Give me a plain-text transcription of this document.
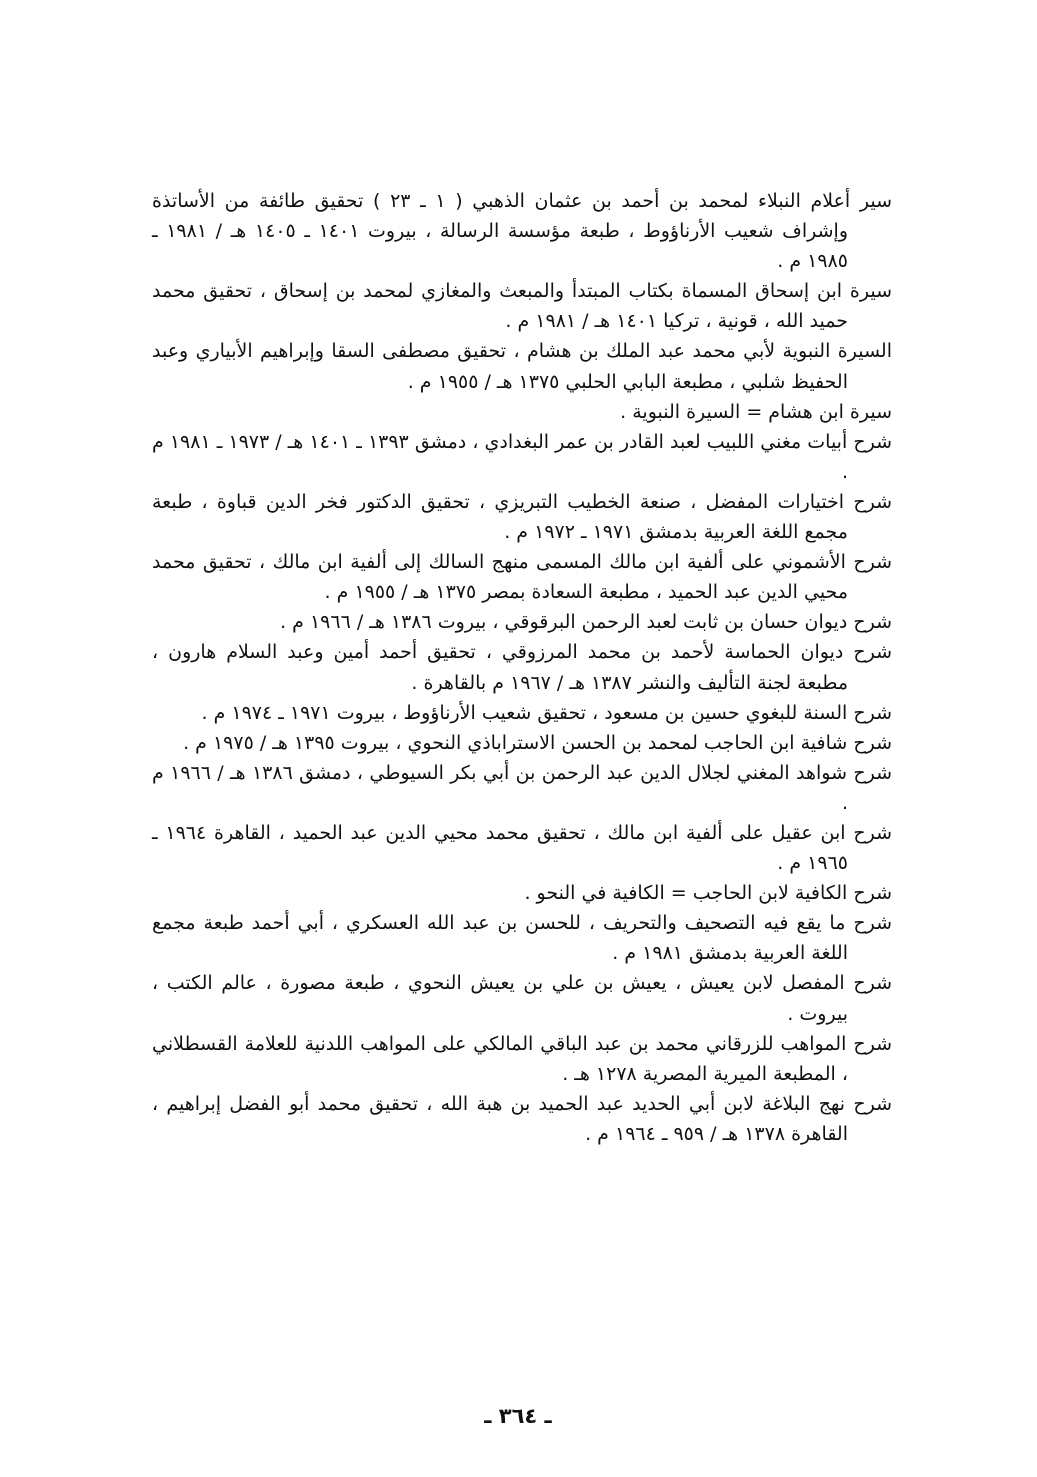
سير أعلام النبلاء لمحمد بن أحمد بن عثمان الذهبي ( ١ ـ ٢٣ ) تحقيق طائفة من الأساتذة وإشراف شعيب الأرناؤوط ، طبعة مؤسسة الرسالة ، بيروت ١٤٠١ ـ ١٤٠٥ هـ / ١٩٨١ ـ ١٩٨٥ م .
سيرة ابن إسحاق المسماة بكتاب المبتدأ والمبعث والمغازي لمحمد بن إسحاق ، تحقيق محمد حميد الله ، قونية ، تركيا ١٤٠١ هـ / ١٩٨١ م .
السيرة النبوية لأبي محمد عبد الملك بن هشام ، تحقيق مصطفى السقا وإبراهيم الأبياري وعبد الحفيظ شلبي ، مطبعة البابي الحلبي ١٣٧٥ هـ / ١٩٥٥ م .
سيرة ابن هشام = السيرة النبوية .
شرح أبيات مغني اللبيب لعبد القادر بن عمر البغدادي ، دمشق ١٣٩٣ ـ ١٤٠١ هـ / ١٩٧٣ ـ ١٩٨١ م .
شرح اختيارات المفضل ، صنعة الخطيب التبريزي ، تحقيق الدكتور فخر الدين قباوة ، طبعة مجمع اللغة العربية بدمشق ١٩٧١ ـ ١٩٧٢ م .
شرح الأشموني على ألفية ابن مالك المسمى منهج السالك إلى ألفية ابن مالك ، تحقيق محمد محيي الدين عبد الحميد ، مطبعة السعادة بمصر ١٣٧٥ هـ / ١٩٥٥ م .
شرح ديوان حسان بن ثابت لعبد الرحمن البرقوقي ، بيروت ١٣٨٦ هـ / ١٩٦٦ م .
شرح ديوان الحماسة لأحمد بن محمد المرزوقي ، تحقيق أحمد أمين وعبد السلام هارون ، مطبعة لجنة التأليف والنشر ١٣٨٧ هـ / ١٩٦٧ م بالقاهرة .
شرح السنة للبغوي حسين بن مسعود ، تحقيق شعيب الأرناؤوط ، بيروت ١٩٧١ ـ ١٩٧٤ م .
شرح شافية ابن الحاجب لمحمد بن الحسن الاستراباذي النحوي ، بيروت ١٣٩٥ هـ / ١٩٧٥ م .
شرح شواهد المغني لجلال الدين عبد الرحمن بن أبي بكر السيوطي ، دمشق ١٣٨٦ هـ / ١٩٦٦ م .
شرح ابن عقيل على ألفية ابن مالك ، تحقيق محمد محيي الدين عبد الحميد ، القاهرة ١٩٦٤ ـ ١٩٦٥ م .
شرح الكافية لابن الحاجب = الكافية في النحو .
شرح ما يقع فيه التصحيف والتحريف ، للحسن بن عبد الله العسكري ، أبي أحمد طبعة مجمع اللغة العربية بدمشق ١٩٨١ م .
شرح المفصل لابن يعيش ، يعيش بن علي بن يعيش النحوي ، طبعة مصورة ، عالم الكتب ، بيروت .
شرح المواهب للزرقاني محمد بن عبد الباقي المالكي على المواهب اللدنية للعلامة القسطلاني ، المطبعة الميرية المصرية ١٢٧٨ هـ .
شرح نهج البلاغة لابن أبي الحديد عبد الحميد بن هبة الله ، تحقيق محمد أبو الفضل إبراهيم ، القاهرة ١٣٧٨ هـ / ٩٥٩ ـ ١٩٦٤ م .
ـ ٣٦٤ ـ
